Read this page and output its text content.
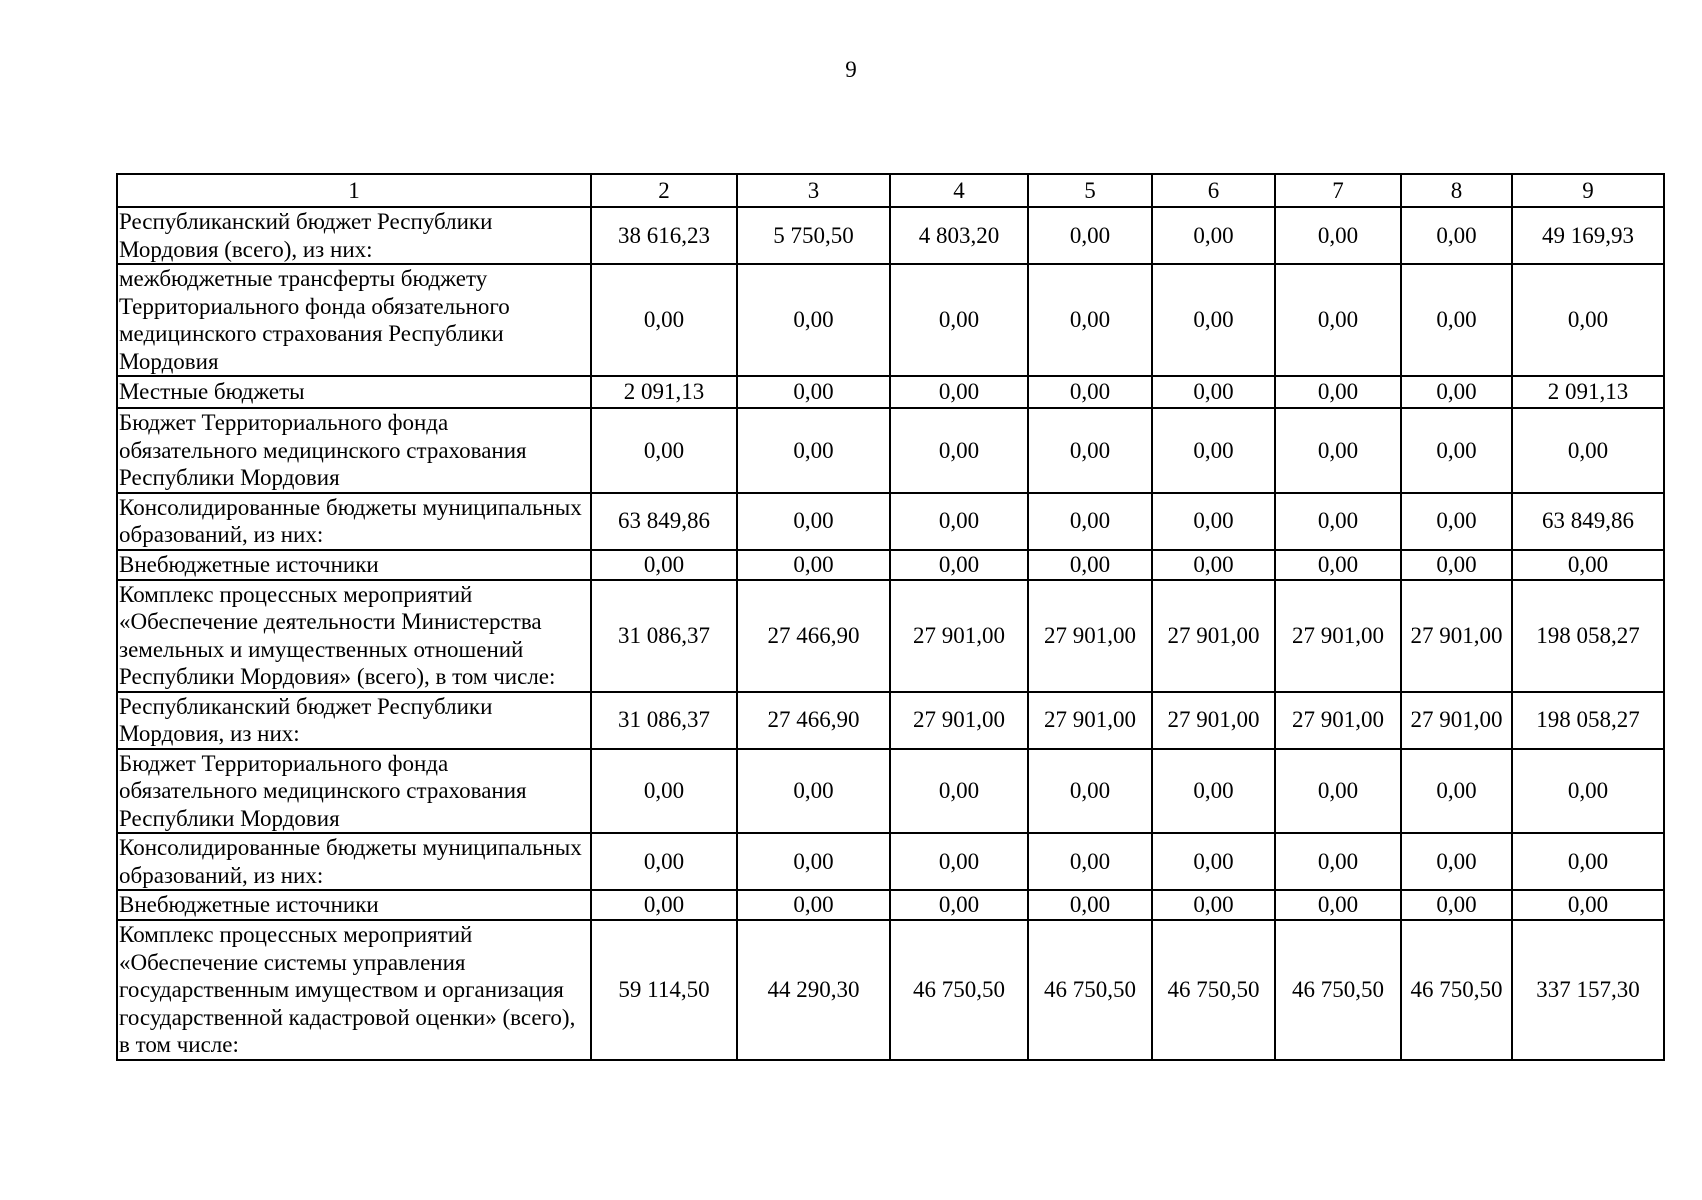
9
1	2	3	4	5	6	7	8	9
Республиканский бюджет Республики Мордовия (всего), из них:	38 616,23	5 750,50	4 803,20	0,00	0,00	0,00	0,00	49 169,93
межбюджетные трансферты бюджету Территориального фонда обязательного медицинского страхования Республики Мордовия	0,00	0,00	0,00	0,00	0,00	0,00	0,00	0,00
Местные бюджеты	2 091,13	0,00	0,00	0,00	0,00	0,00	0,00	2 091,13
Бюджет Территориального фонда обязательного медицинского страхования Республики Мордовия	0,00	0,00	0,00	0,00	0,00	0,00	0,00	0,00
Консолидированные бюджеты муниципальных образований, из них:	63 849,86	0,00	0,00	0,00	0,00	0,00	0,00	63 849,86
Внебюджетные источники	0,00	0,00	0,00	0,00	0,00	0,00	0,00	0,00
Комплекс процессных мероприятий «Обеспечение деятельности Министерства земельных и имущественных отношений Республики Мордовия» (всего), в том числе:	31 086,37	27 466,90	27 901,00	27 901,00	27 901,00	27 901,00	27 901,00	198 058,27
Республиканский бюджет Республики Мордовия, из них:	31 086,37	27 466,90	27 901,00	27 901,00	27 901,00	27 901,00	27 901,00	198 058,27
Бюджет Территориального фонда обязательного медицинского страхования Республики Мордовия	0,00	0,00	0,00	0,00	0,00	0,00	0,00	0,00
Консолидированные бюджеты муниципальных образований, из них:	0,00	0,00	0,00	0,00	0,00	0,00	0,00	0,00
Внебюджетные источники	0,00	0,00	0,00	0,00	0,00	0,00	0,00	0,00
Комплекс процессных мероприятий «Обеспечение системы управления государственным имуществом и организация государственной кадастровой оценки» (всего), в том числе:	59 114,50	44 290,30	46 750,50	46 750,50	46 750,50	46 750,50	46 750,50	337 157,30
